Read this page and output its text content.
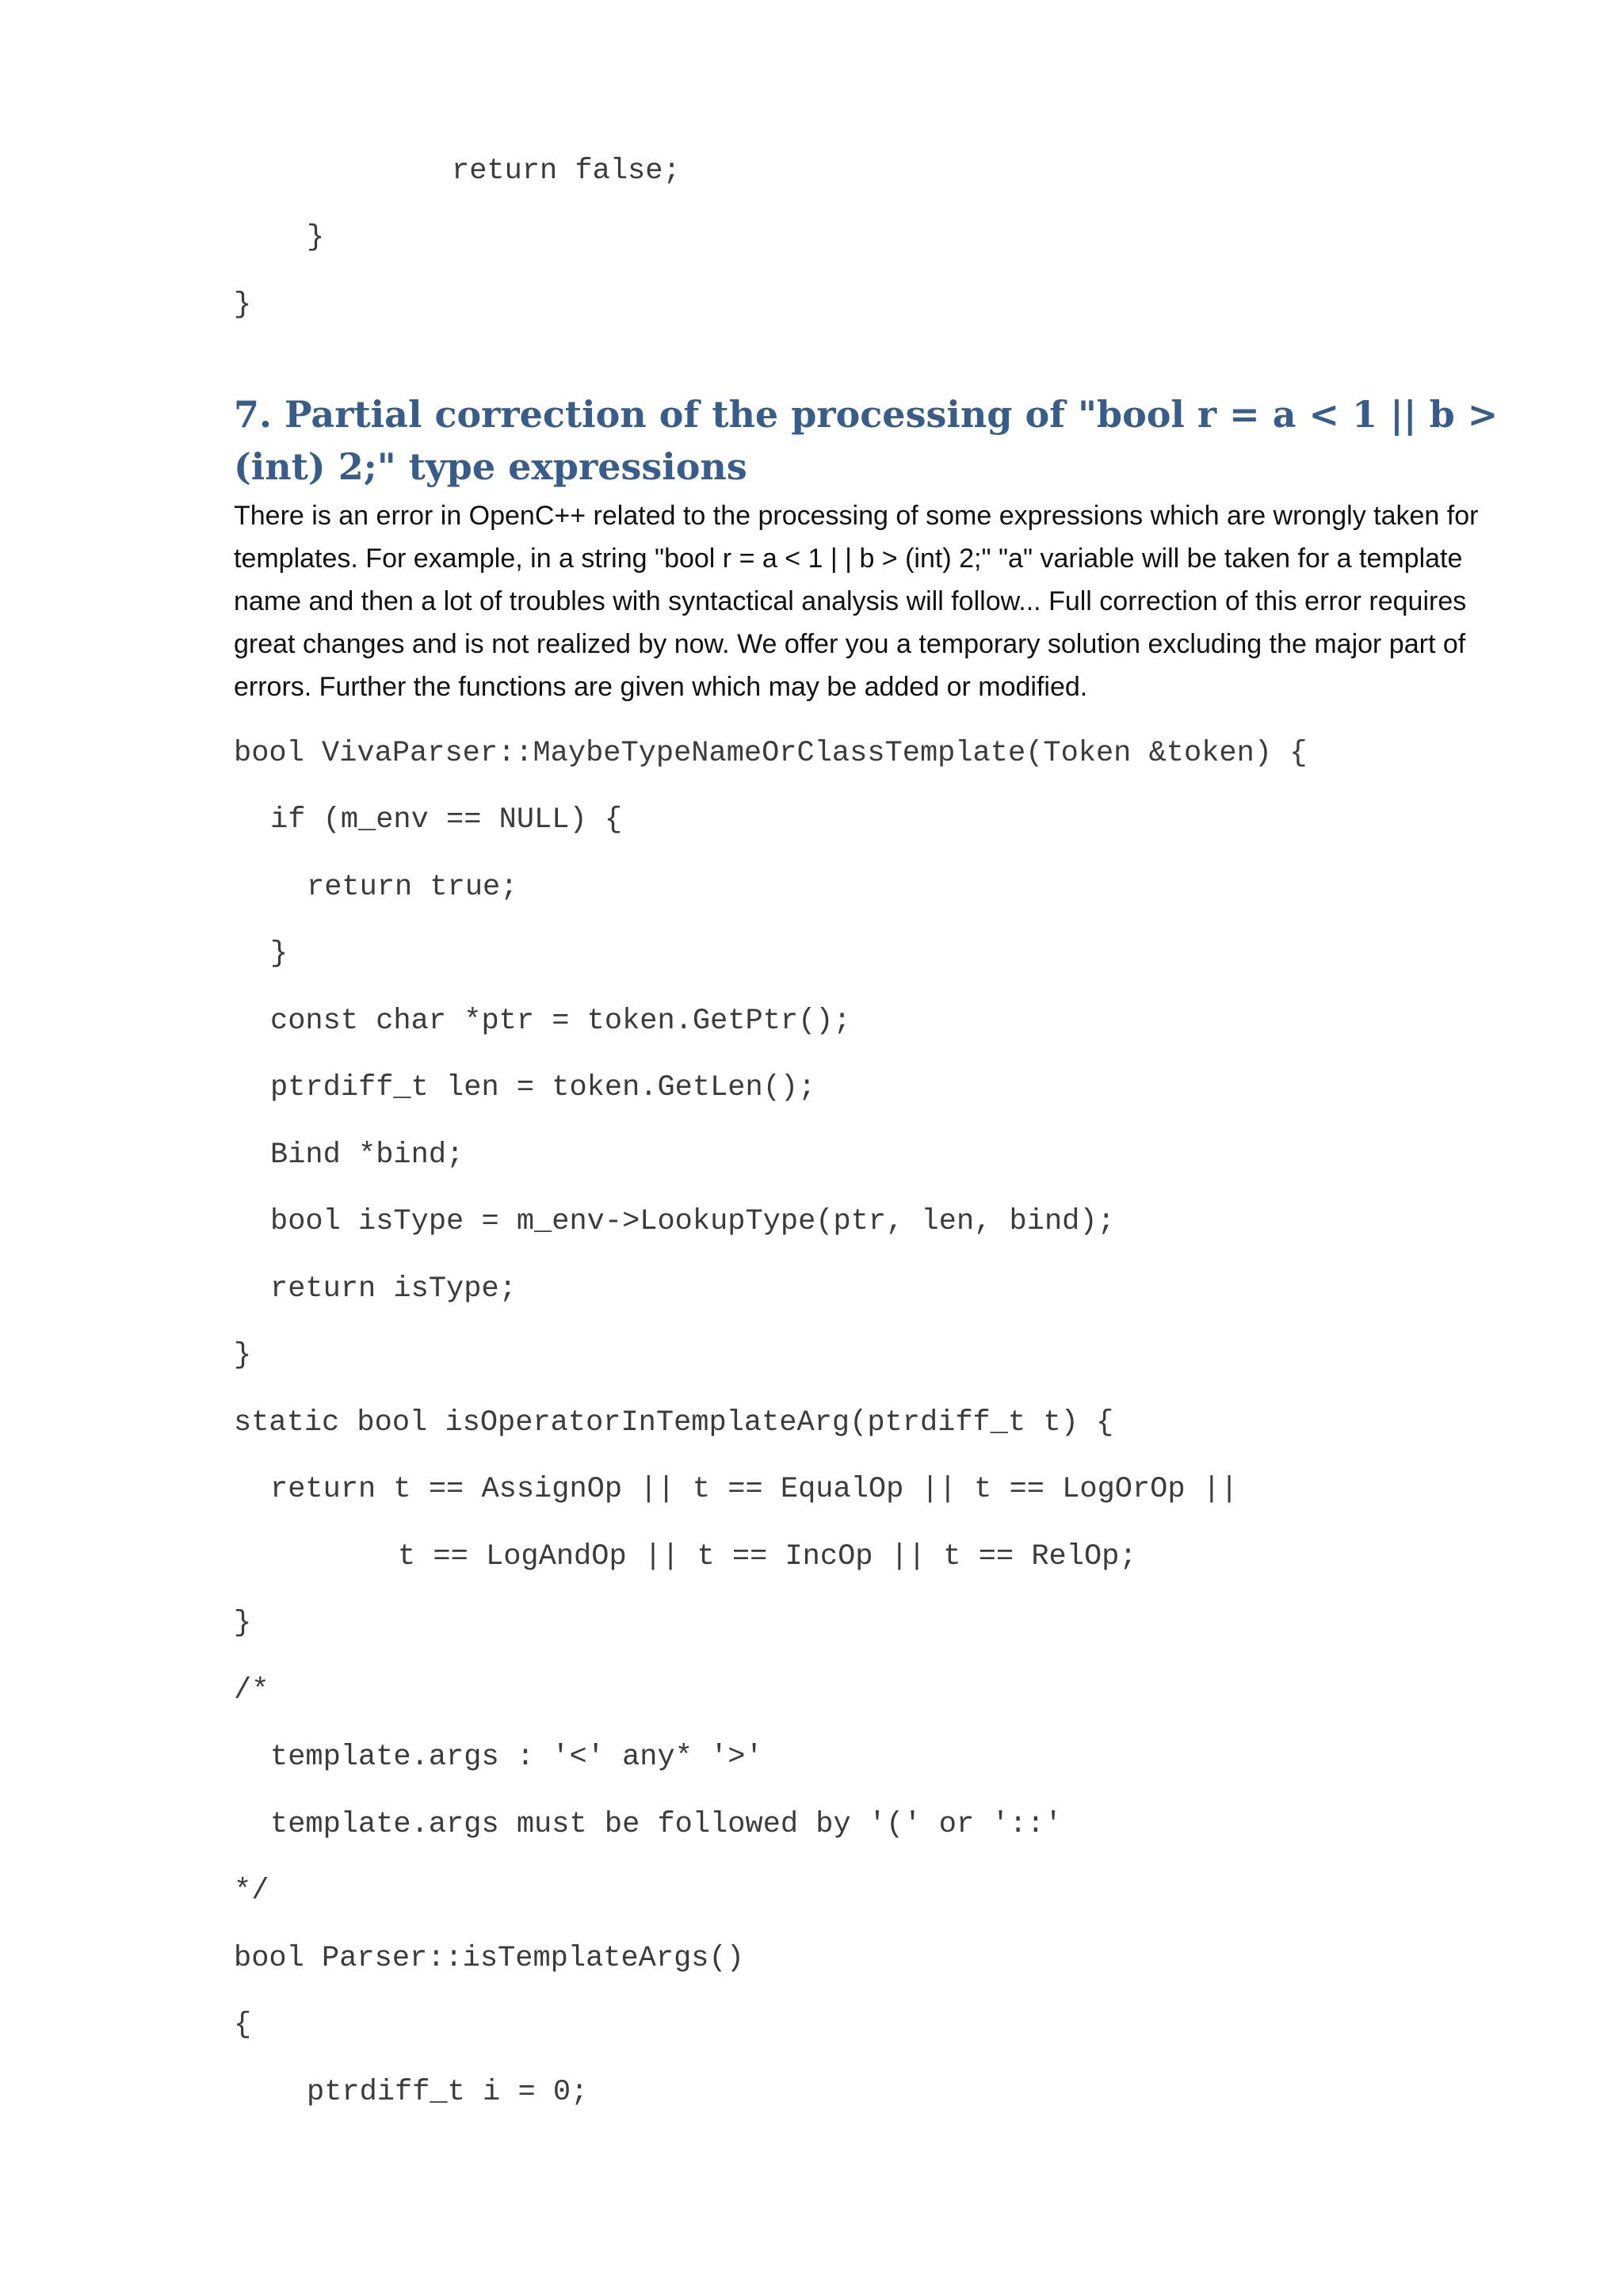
return false;
}
}
7. Partial correction of the processing of "bool r = a < 1 || b > (int) 2;" type expressions

There is an error in OpenC++ related to the processing of some expressions which are wrongly taken for templates. For example, in a string "bool r = a < 1 | | b > (int) 2;" "a" variable will be taken for a template name and then a lot of troubles with syntactical analysis will follow... Full correction of this error requires great changes and is not realized by now. We offer you a temporary solution excluding the major part of errors. Further the functions are given which may be added or modified.

bool VivaParser::MaybeTypeNameOrClassTemplate(Token &token) {
if (m_env == NULL) {
return true;
}
const char *ptr = token.GetPtr();
ptrdiff_t len = token.GetLen();
Bind *bind;
bool isType = m_env->LookupType(ptr, len, bind);
return isType;
}
static bool isOperatorInTemplateArg(ptrdiff_t t) {
return t == AssignOp || t == EqualOp || t == LogOrOp ||
t == LogAndOp || t == IncOp || t == RelOp;
}
/*
template.args : '<' any* '>'
template.args must be followed by '(' or '::'
*/
bool Parser::isTemplateArgs()
{
ptrdiff_t i = 0;
